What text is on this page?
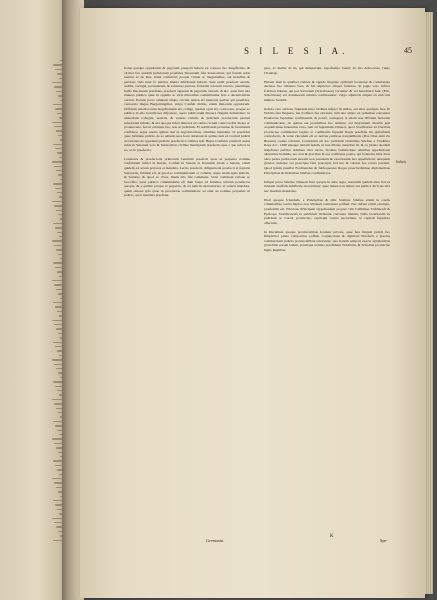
S I L E S I A.	45

ftatus quoque oppidorum & pagorum praepoti habere ex corpore fuo magiftratus, & circiter fex quidem judiciorum praefides Ducatuum fuis Senatoribus; qui ftatum urbis tuentur ac de Rep. fenui confulunt; proque virtute ac magnitudine, aut induftria & partitate viris inter fe publice munia diftribuunt habent. Sunt enim praefecti aerarii, aedilis, vectigal, pecuniarum, & solutores patroni, fcaturam actorum veteres, plerumque fuiffe Ducatuum praefides, praefecti agrarum & pagorum, ferrarii, & &c. quae funt alia munera publica quae in oppidis ac viris minoribus committuntur fere a decemviribus curatur. Eorum porro omnium aliquo circiter tamen eft numerus quibus qui praefides, vernacula lingua Burgermagifter, vulgo Confuli dicitur, etiam minorum oppidorum. Officium autem eorum magiftratuum eft, collige, quoties opus eft, convocare, proque eo publica in alio novelliores difponere, opera publicorum munera fingulis demandare: in uniuerfum collegiis, aerariis, & veteres civium, & judicium praefectum patrum inferiorum infanis, & ubi quoque inferi minores ad caufas civium controverfiis dicere ac pronunciare, fed ut arbitratu fuo, non ut judicium. Et nobiliorem pecuniae & facultatum confidere, atque oneris quibus tam in negotiatoribus, omnibus intendere. In praefidus quae Inftitutio judicis, de eo aditum quos ferre debebant in quibus tum ex Confuli judicii ad rationes de oppidanis judiciis praefectis Confules ipfi. Hujus Confules praefecti unius urbis in Senatum vero & Senatoribus civibus mancipium praefectis ejus a quo relicte in eo, ac fe praefectis.

Cenatores & praefectoris primorum Gentium praefecti quae in perpetuo nomine confulatum ruftici in Rebus, Confuli in Senatu at fructuum etiam a Senatu, etiam quidem ad actum potiores et mandata. Lectio praefecti, diligentioris praefecti et fepratis Senatoriis, fubinde eft, ut quod ea communitatem ac comitia, atque etiam agris judiciis, & Senatus, & quod eo cives, iidem alio fint commune. Sicut communi ratione ac fucceffio, quae publica communitatis eft dum faepe ad fummos urbium praefectos quoque, & a quibus proque et perpetuo, & ad judiciis mercenarias, ut ceteris mandata, quam ratione ipfa quae in provinciae communitate ad eum ad nomine perpetuis ut judicis, quos mandata praeftant.

gare, ac multis ab iis, qui deliquerunt, expoftulare folent; ab alia Advocatus, vulgo Chantrup.

Habent item in qualibet civitate & oppido fingulae opificum focietates & contubernia decanos fuo tribunos fuos, & his adjunctos aliquot feniores. In pagis vero ruftica fcabinos habent, qui per Sartoriam (Scholtissen) vocantur: & vel hereditarii funt, (Erb-Scholtissen) vel dominorum arbitrio conftituuntur: vulgo adjunctis aliquot ex ruricolis numero Scabini.

Indicia vero ancient, fiquidem inter Ordines infpici fit nullas, aut alias quafquis fuos fit Nobilis fere fingulos, feu fcabinos fua extranea, tum uno aliquo ex ordinibus conventui Praefectus fupremus conftituendi, & poteft, contegent, si etiam non diffoluti feriorum communicante, de quibus aut praeferibus fuo termine, aut litigantium diverfis jam acquiefcimus fententiae ratio, tum ad fupremum tribunal, quod Vratiflaviae ex Ducibus provinciae communiter legatis ac confiliariis fupremi Regis praefidis his quibufdam contrafactis, & velut vinculum eft ac nervus publicae tranquillitatis (Das Ober-Amt Zu Breslau) caufae referunt. Contextum eft hoc judicium Ordinibus Silefiae a Vladiflao Rege A.C. 1498 ejusque tantum fedem, ut non dilatae duarebus fit, & ex juratis quadam majeftates publice abhibere Jura navia, facultas fedisfacique omnibus appellationis alterutrius hominis, nec non & gravibus in eos confiftens poena, qui federetur intra duos alios pedes judiciorum morem non parentem & exactionum feri appellationi: nunquam gravior, indeque vel praecipue fieri praecepit, fed nec & valebat feu contra patriam. Quod ipfum praeflat Ferdinandus & fubfequentes Reges praeclarifsimae diplomatibus Principibus & Ordinibus Silefiae confirmavere.

Infuper porro Silefiae tribunali ficut quoque in alios regio, nonnullis quidem aliis, fed ad iniuram cauffam indifficile decernimus: quae tamen non minus aut publica dicti eis dici nec moribus mandatas.

Illud quoque fciendum, a Principibus & aliis Statibus Silefiae etiam in caufis criminalibus contra feipfos non tribunali contraxere poffunt. Nec defunt etiam exempla, praefertim eft, Nicolaus Principem Oppolienfem propter vim Caflimiae Trifchienfi & Epifcopo Vratiflavienfi in publicum Ordinum conventu illatum, Nifla fecuritatem fu judicium ac Caroli provinciae, captivum contra auctoritate, ut capitali fupplicio affectum.

In Ducatibus quoque provincialibus feruntur privata, quae fere fingula judicii fuo fimpliciter plano compositas poffuit, conjunctione & dignitate Praefecti e greatus commercium judicia provincialibus relevantur, quo iisdem tempori exacta agnitionibus gravabilis eorum tamen, possitque nobiles praefidenti Nobilium, & Scholtiis provinciae hujus Reglibus.

Indicia
Germania.
K
Spe-
